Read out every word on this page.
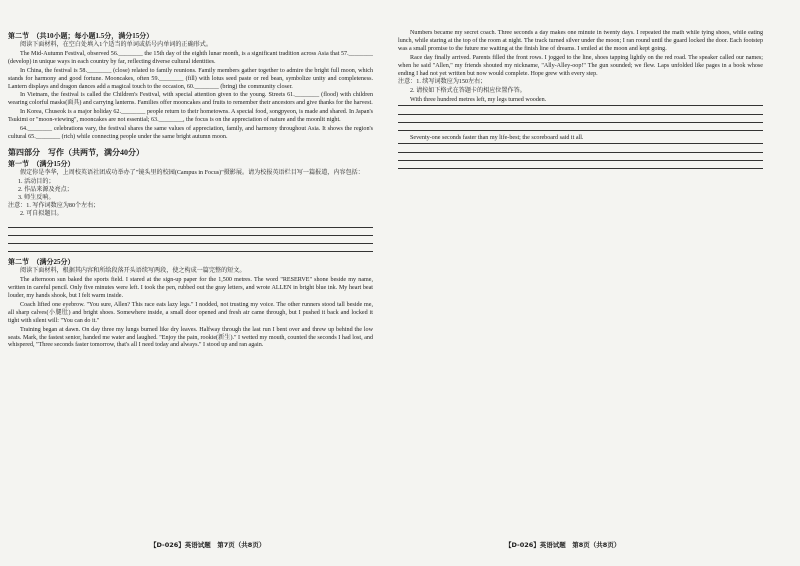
第二节　（共10小题；每小题1.5分，满分15分）
阅读下面材料，在空白处填入1个适当的单词或括号内单词的正确形式。
The Mid-Autumn Festival, observed 56.________ the 15th day of the eighth lunar month, is a significant tradition across Asia that 57.________ (develop) in unique ways in each country by far, reflecting diverse cultural identities.
In China, the festival is 58.________ (close) related to family reunions. Family members gather together to admire the bright full moon, which stands for harmony and good fortune. Mooncakes, often 59.________ (fill) with lotus seed paste or red bean, symbolize unity and completeness. Lantern displays and dragon dances add a magical touch to the occasion, 60.________ (bring) the community closer.
In Vietnam, the festival is called the Children's Festival, with special attention given to the young. Streets 61.________ (flood) with children wearing colorful masks(面具) and carrying lanterns. Families offer mooncakes and fruits to remember their ancestors and give thanks for the harvest.
In Korea, Chuseok is a major holiday 62.________ people return to their hometowns. A special food, songpyeon, is made and shared. In Japan's Tsukimi or "moon-viewing", mooncakes are not essential; 63.________, the focus is on the appreciation of nature and the moonlit night.
64.________ celebrations vary, the festival shares the same values of appreciation, family, and harmony throughout Asia. It shows the region's cultural 65.________ (rich) while connecting people under the same bright autumn moon.
第四部分　写作（共两节，满分40分）
第一节　（满分15分）
假定你是李华，上周校英语社团成功举办了"镜头里的校园(Campus in Focus)"摄影展。请为校报英语栏目写一篇报道，内容包括：
1. 活动目的；
2. 作品来源及亮点；
3. 师生反响。
注意：1. 写作词数应为80个左右；
2. 可自拟题目。
第二节　（满分25分）
阅读下面材料，根据其内容和所给段落开头语续写两段，使之构成一篇完整的短文。
The afternoon sun baked the sports field. I stared at the sign-up paper for the 1,500 metres. The word "RESERVE" shone beside my name, written in careful pencil. Only five minutes were left. I took the pen, rubbed out the gray letters, and wrote ALLEN in bright blue ink. My heart beat louder, my hands shook, but I felt warm inside.
Coach lifted one eyebrow. "You sure, Allen? This race eats lazy legs." I nodded, not trusting my voice. The other runners stood tall beside me, all sharp calves(小腿肚) and bright shoes. Somewhere inside, a small door opened and fresh air came through, but I pushed it back and locked it tight with silent will: "You can do it."
Training began at dawn. On day three my lungs burned like dry leaves. Halfway through the last run I bent over and threw up behind the low seats. Mark, the fastest senior, handed me water and laughed. "Enjoy the pain, rookie(新生)." I wetted my mouth, counted the seconds I had lost, and whispered, "Three seconds faster tomorrow, that's all I need today and always." I stood up and ran again.
【D-026】英语试题　第7页（共8页）
Numbers became my secret coach. Three seconds a day makes one minute in twenty days. I repeated the math while tying shoes, while eating lunch, while staring at the top of the room at night. The track turned silver under the moon; I ran round until the guard locked the door. Each footstep was a small promise to the future me waiting at the finish line of dreams. I smiled at the moon and kept going.
Race day finally arrived. Parents filled the front rows. I jogged to the line, shoes tapping lightly on the red road. The speaker called our names; when he said "Allen," my friends shouted my nickname, "Ally-Alley-oop!" The gun sounded; we flew. Laps unfolded like pages in a book whose ending I had not yet written but now would complete. Hope grew with every step.
注意：1. 续写词数应为150左右；
2. 请按如下格式在答题卡的相应位置作答。
With three hundred metres left, my legs turned wooden.
Seventy-one seconds faster than my life-best; the scoreboard said it all.
【D-026】英语试题　第8页（共8页）
